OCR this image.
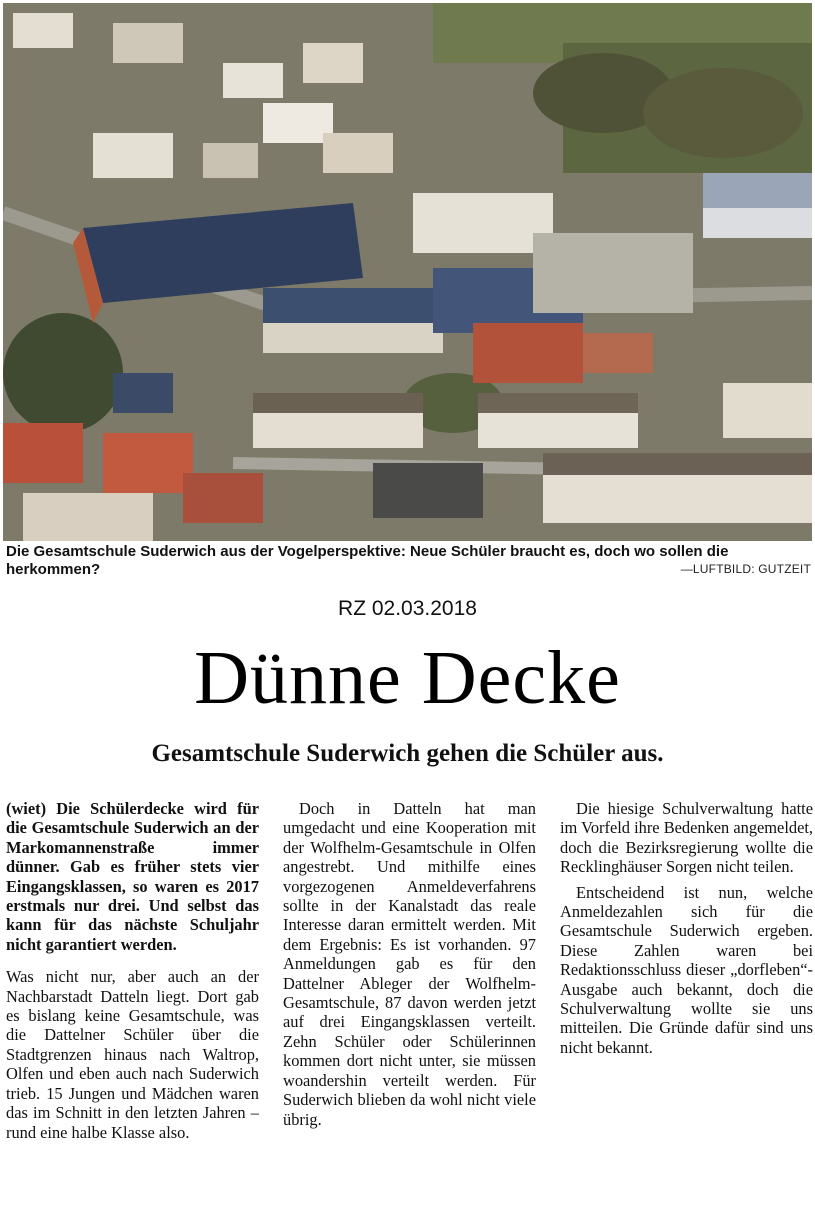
Die Gesamtschule Suderwich aus der Vogelperspektive: Neue Schüler braucht es, doch wo sollen die herkommen?	—LUFTBILD: GUTZEIT
RZ 02.03.2018
Dünne Decke
Gesamtschule Suderwich gehen die Schüler aus.

(wiet) Die Schülerdecke wird für die Gesamtschule Suderwich an der Markomannenstraße immer dünner. Gab es früher stets vier Eingangsklassen, so waren es 2017 erstmals nur drei. Und selbst das kann für das nächste Schuljahr nicht garantiert werden.

Was nicht nur, aber auch an der Nachbarstadt Datteln liegt. Dort gab es bislang keine Gesamtschule, was die Dattelner Schüler über die Stadtgrenzen hinaus nach Waltrop, Olfen und eben auch nach Suderwich trieb. 15 Jungen und Mädchen waren das im Schnitt in den letzten Jahren – rund eine halbe Klasse also.

Doch in Datteln hat man umgedacht und eine Kooperation mit der Wolfhelm-Gesamtschule in Olfen angestrebt. Und mithilfe eines vorgezogenen Anmeldeverfahrens sollte in der Kanalstadt das reale Interesse daran ermittelt werden. Mit dem Ergebnis: Es ist vorhanden. 97 Anmeldungen gab es für den Dattelner Ableger der Wolfhelm-Gesamtschule, 87 davon werden jetzt auf drei Eingangsklassen verteilt. Zehn Schüler oder Schülerinnen kommen dort nicht unter, sie müssen woandershin verteilt werden. Für Suderwich blieben da wohl nicht viele übrig.

Die hiesige Schulverwaltung hatte im Vorfeld ihre Bedenken angemeldet, doch die Bezirksregierung wollte die Recklinghäuser Sorgen nicht teilen.

Entscheidend ist nun, welche Anmeldezahlen sich für die Gesamtschule Suderwich ergeben. Diese Zahlen waren bei Redaktionsschluss dieser „dorfleben“-Ausgabe auch bekannt, doch die Schulverwaltung wollte sie uns mitteilen. Die Gründe dafür sind uns nicht bekannt.
